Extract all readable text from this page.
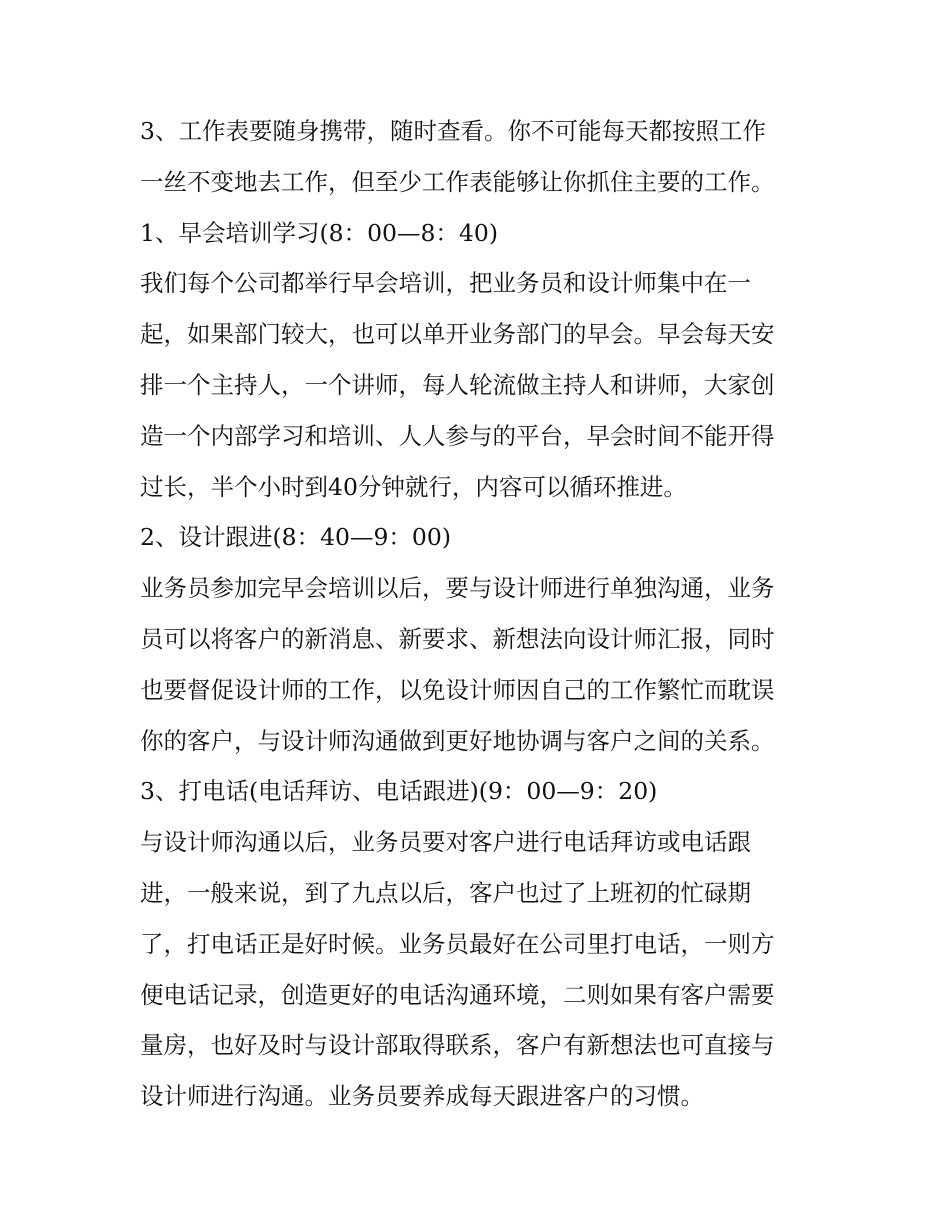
3、工作表要随身携带，随时查看。你不可能每天都按照工作
一丝不变地去工作，但至少工作表能够让你抓住主要的工作。
1、早会培训学习(8：00—8：40)
我们每个公司都举行早会培训，把业务员和设计师集中在一
起，如果部门较大，也可以单开业务部门的早会。早会每天安
排一个主持人，一个讲师，每人轮流做主持人和讲师，大家创
造一个内部学习和培训、人人参与的平台，早会时间不能开得
过长，半个小时到40分钟就行，内容可以循环推进。
2、设计跟进(8：40—9：00)
业务员参加完早会培训以后，要与设计师进行单独沟通，业务
员可以将客户的新消息、新要求、新想法向设计师汇报，同时
也要督促设计师的工作，以免设计师因自己的工作繁忙而耽误
你的客户，与设计师沟通做到更好地协调与客户之间的关系。
3、打电话(电话拜访、电话跟进)(9：00—9：20)
与设计师沟通以后，业务员要对客户进行电话拜访或电话跟
进，一般来说，到了九点以后，客户也过了上班初的忙碌期
了，打电话正是好时候。业务员最好在公司里打电话，一则方
便电话记录，创造更好的电话沟通环境，二则如果有客户需要
量房，也好及时与设计部取得联系，客户有新想法也可直接与
设计师进行沟通。业务员要养成每天跟进客户的习惯。
